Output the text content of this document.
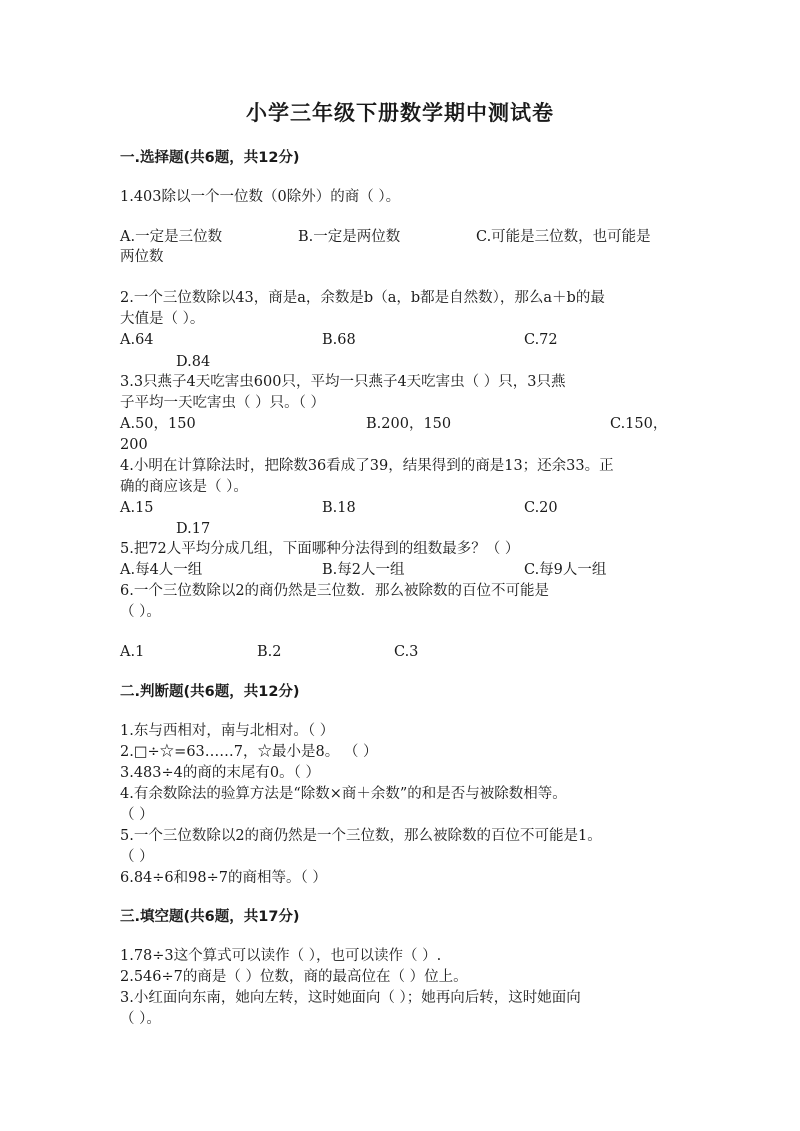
小学三年级下册数学期中测试卷
一.选择题(共6题，共12分)
1.403除以一个一位数（0除外）的商（ ）。
A.一定是三位数	B.一定是两位数	C.可能是三位数，也可能是
两位数
2.一个三位数除以43，商是a，余数是b（a，b都是自然数），那么a＋b的最
大值是（ ）。
A.64	B.68	C.72
D.84
3.3只燕子4天吃害虫600只，平均一只燕子4天吃害虫（ ）只，3只燕
子平均一天吃害虫（ ）只。（ ）
A.50，150	B.200，150	C.150，
200
4.小明在计算除法时，把除数36看成了39，结果得到的商是13；还余33。正
确的商应该是（ ）。
A.15	B.18	C.20
D.17
5.把72人平均分成几组，下面哪种分法得到的组数最多？（ ）
A.每4人一组	B.每2人一组	C.每9人一组
6.一个三位数除以2的商仍然是三位数．那么被除数的百位不可能是
（ ）。
A.1	B.2	C.3
二.判断题(共6题，共12分)
1.东与西相对，南与北相对。（ ）
2.□÷☆=63……7，☆最小是8。 （ ）
3.483÷4的商的末尾有0。（ ）
4.有余数除法的验算方法是“除数×商＋余数”的和是否与被除数相等。
（ ）
5.一个三位数除以2的商仍然是一个三位数，那么被除数的百位不可能是1。
（ ）
6.84÷6和98÷7的商相等。（ ）
三.填空题(共6题，共17分)
1.78÷3这个算式可以读作（ ），也可以读作（ ）.
2.546÷7的商是（ ）位数，商的最高位在（ ）位上。
3.小红面向东南，她向左转，这时她面向（ ）；她再向后转，这时她面向
（ ）。
